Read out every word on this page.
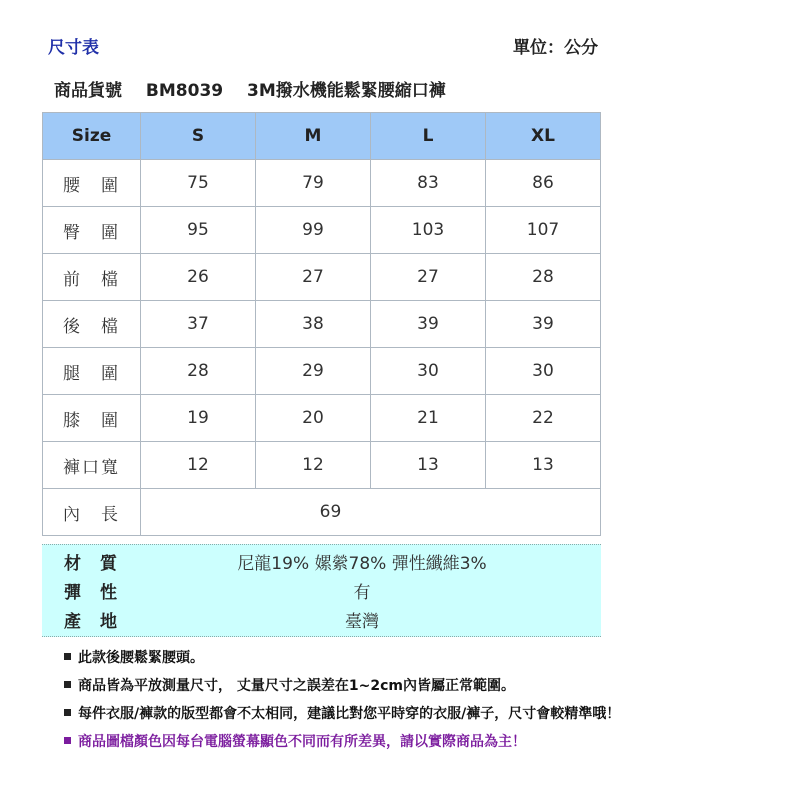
尺寸表	單位：公分
商品貨號 BM8039 3M撥水機能鬆緊腰縮口褲
Size	S	M	L	XL
腰　圍	75	79	83	86
臀　圍	95	99	103	107
前　檔	26	27	27	28
後　檔	37	38	39	39
腿　圍	28	29	30	30
膝　圍	19	20	21	22
褲口寬	12	12	13	13
內　長	69			
材　質	尼龍19% 嫘縈78% 彈性纖維3%
彈　性	有
產　地	臺灣
此款後腰鬆緊腰頭。
商品皆為平放測量尺寸， 丈量尺寸之誤差在1~2cm內皆屬正常範圍。
每件衣服/褲款的版型都會不太相同，建議比對您平時穿的衣服/褲子，尺寸會較精準哦！
商品圖檔顏色因每台電腦螢幕顯色不同而有所差異，請以實際商品為主！
